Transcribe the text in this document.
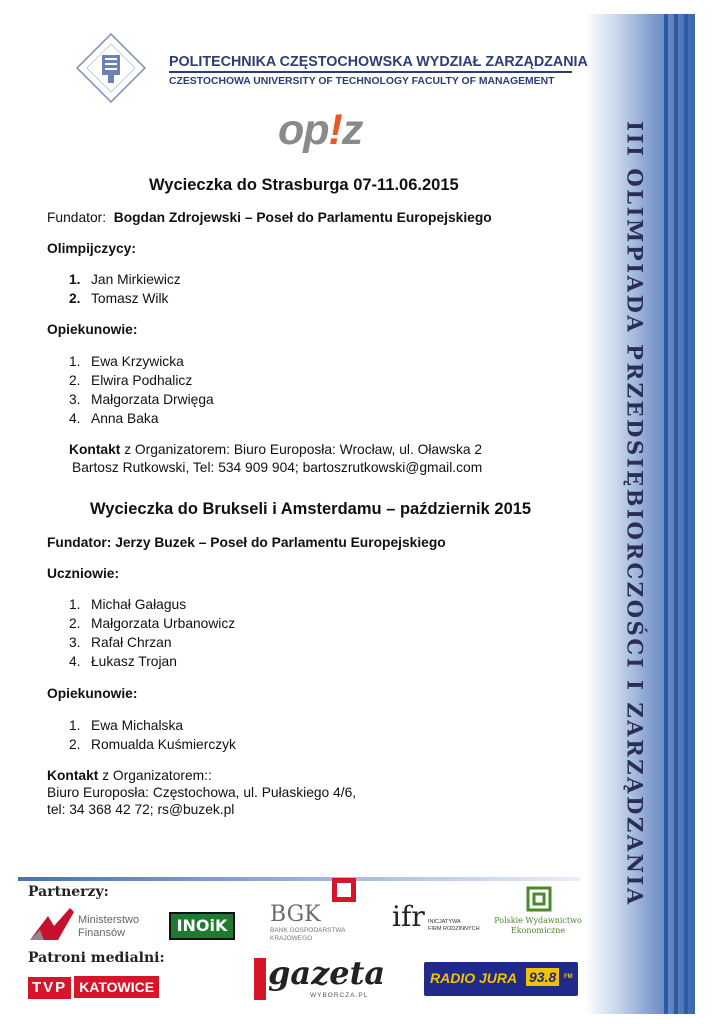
III OLIMPIADA PRZEDSIĘBIORCZOŚCI I ZARZĄDZANIA
POLITECHNIKA CZĘSTOCHOWSKA WYDZIAŁ ZARZĄDZANIA
CZESTOCHOWA UNIVERSITY OF TECHNOLOGY FACULTY OF MANAGEMENT
op!z
Wycieczka do Strasburga 07-11.06.2015
Fundator: Bogdan Zdrojewski – Poseł do Parlamentu Europejskiego
Olimpijczycy:
1. Jan Mirkiewicz
2. Tomasz Wilk
Opiekunowie:
1. Ewa Krzywicka
2. Elwira Podhalicz
3. Małgorzata Drwięga
4. Anna Baka
Kontakt z Organizatorem: Biuro Europosła: Wrocław, ul. Oławska 2
Bartosz Rutkowski, Tel: 534 909 904; bartoszrutkowski@gmail.com
Wycieczka do Brukseli i Amsterdamu – październik 2015
Fundator: Jerzy Buzek – Poseł do Parlamentu Europejskiego
Uczniowie:
1. Michał Gałagus
2. Małgorzata Urbanowicz
3. Rafał Chrzan
4. Łukasz Trojan
Opiekunowie:
1. Ewa Michalska
2. Romualda Kuśmierczyk
Kontakt z Organizatorem::
Biuro Europosła: Częstochowa, ul. Pułaskiego 4/6,
tel: 34 368 42 72; rs@buzek.pl
Partnerzy:
Patroni medialni:
Ministerstwo
Finansów	INOiK	BGK
BANK GOSPODARSTWA
KRAJOWEGO
ifr INICJATYWA
FIRM RODZINNYCH
Polskie Wydawnictwo
Ekonomiczne
TVP KATOWICE	gazeta
WYBORCZA.PL
RADIO JURA 93.8	FM
